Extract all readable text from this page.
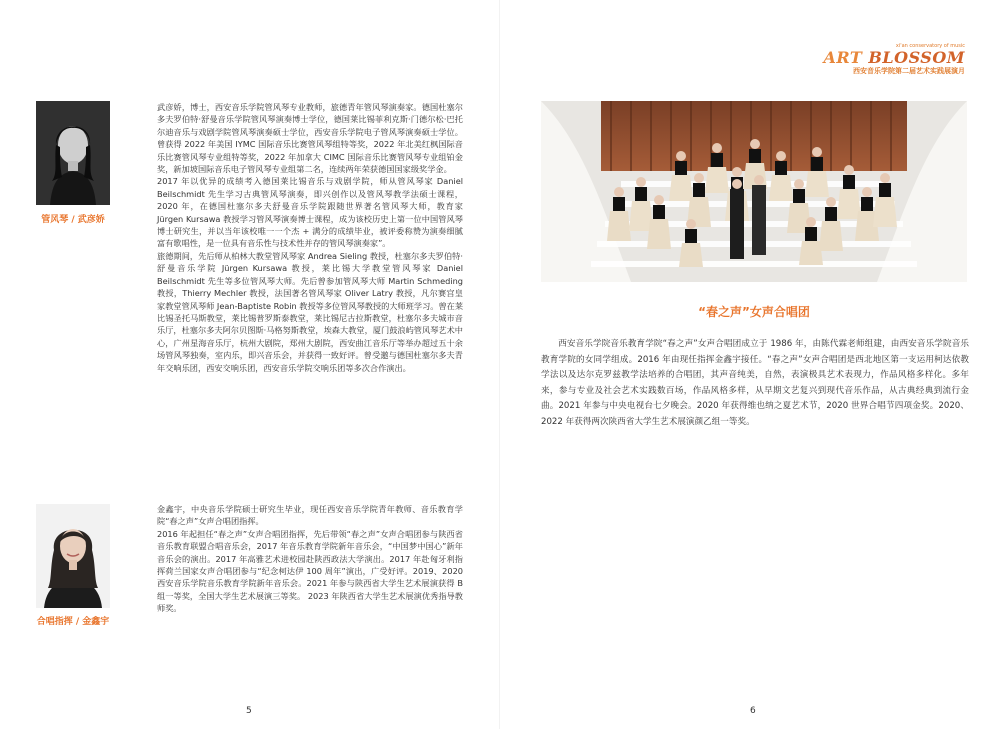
xi'an conservatory of music
ART BLOSSOM
西安音乐学院第二届艺术实践展演月
管风琴 / 武彦娇

武彦娇，博士，西安音乐学院管风琴专业教师，旅德青年管风琴演奏家。德国杜塞尔多夫罗伯特·舒曼音乐学院管风琴演奏博士学位，德国莱比锡菲利克斯·门德尔松·巴托尔迪音乐与戏剧学院管风琴演奏硕士学位，西安音乐学院电子管风琴演奏硕士学位。曾获得 2022 年美国 IYMC 国际音乐比赛管风琴组特等奖，2022 年北美红枫国际音乐比赛管风琴专业组特等奖，2022 年加拿大 CIMC 国际音乐比赛管风琴专业组铂金奖，新加坡国际音乐电子管风琴专业组第二名，连续两年荣获德国国家级奖学金。

2017 年以优异的成绩考入德国莱比锡音乐与戏剧学院，师从管风琴家 Daniel Beilschmidt 先生学习古典管风琴演奏，即兴创作以及管风琴教学法硕士课程，2020 年，在德国杜塞尔多夫舒曼音乐学院跟随世界著名管风琴大师，教育家 Jürgen Kursawa 教授学习管风琴演奏博士课程，成为该校历史上第一位中国管风琴博士研究生，并以当年该校唯一一个杰 + 满分的成绩毕业，被评委称赞为演奏细腻富有歌唱性，是一位具有音乐性与技术性并存的管风琴演奏家”。

旅德期间，先后师从柏林大教堂管风琴家 Andrea Sieling 教授，杜塞尔多夫罗伯特·舒曼音乐学院 Jürgen Kursawa 教授，莱比锡大学教堂管风琴家 Daniel Beilschmidt 先生等多位管风琴大师。先后曾参加管风琴大师 Martin Schmeding 教授，Thierry Mechler 教授，法国著名管风琴家 Oliver Latry 教授，凡尔赛宫皇家教堂管风琴师 Jean-Baptiste Robin 教授等多位管风琴教授的大师班学习。曾在莱比锡圣托马斯教堂，莱比锡普罗斯泰教堂，莱比锡尼古拉斯教堂，杜塞尔多夫城市音乐厅，杜塞尔多夫阿尔贝图斯·马格努斯教堂，埃森大教堂，厦门鼓浪屿管风琴艺术中心，广州星海音乐厅，杭州大剧院，郑州大剧院，西安曲江音乐厅等举办超过五十余场管风琴独奏，室内乐，即兴音乐会，并获得一致好评。曾受邀与德国杜塞尔多夫青年交响乐团，西安交响乐团，西安音乐学院交响乐团等多次合作演出。

合唱指挥 / 金鑫宇

金鑫宇，中央音乐学院硕士研究生毕业，现任西安音乐学院青年教师、音乐教育学院“春之声”女声合唱团指挥。

2016 年起担任“春之声”女声合唱团指挥，先后带领“春之声”女声合唱团参与陕西省音乐教育联盟合唱音乐会，2017 年音乐教育学院新年音乐会，“中国梦中国心”新年音乐会的演出。2017 年高雅艺术进校园赴陕西政法大学演出。2017 年赴匈牙利指挥荷兰国家女声合唱团参与“纪念柯达伊 100 周年”演出，广受好评。2019、2020 西安音乐学院音乐教育学院新年音乐会。2021 年参与陕西省大学生艺术展演获得 B 组一等奖，全国大学生艺术展演三等奖。 2023 年陕西省大学生艺术展演优秀指导教师奖。

5
“春之声”女声合唱团

西安音乐学院音乐教育学院“春之声”女声合唱团成立于 1986 年，由陈代霖老师组建，由西安音乐学院音乐教育学院的女同学组成。2016 年由现任指挥金鑫宇接任。“春之声”女声合唱团是西北地区第一支运用柯达依教学法以及达尔克罗兹教学法培养的合唱团，其声音纯美，自然，表演极具艺术表现力，作品风格多样化。多年来，参与专业及社会艺术实践数百场，作品风格多样，从早期文艺复兴到现代音乐作品，从古典经典到流行金曲。2021 年参与中央电视台七夕晚会。2020 年获得维也纳之夏艺术节，2020 世界合唱节四项金奖。2020、2022 年获得两次陕西省大学生艺术展演颜乙组一等奖。

6
